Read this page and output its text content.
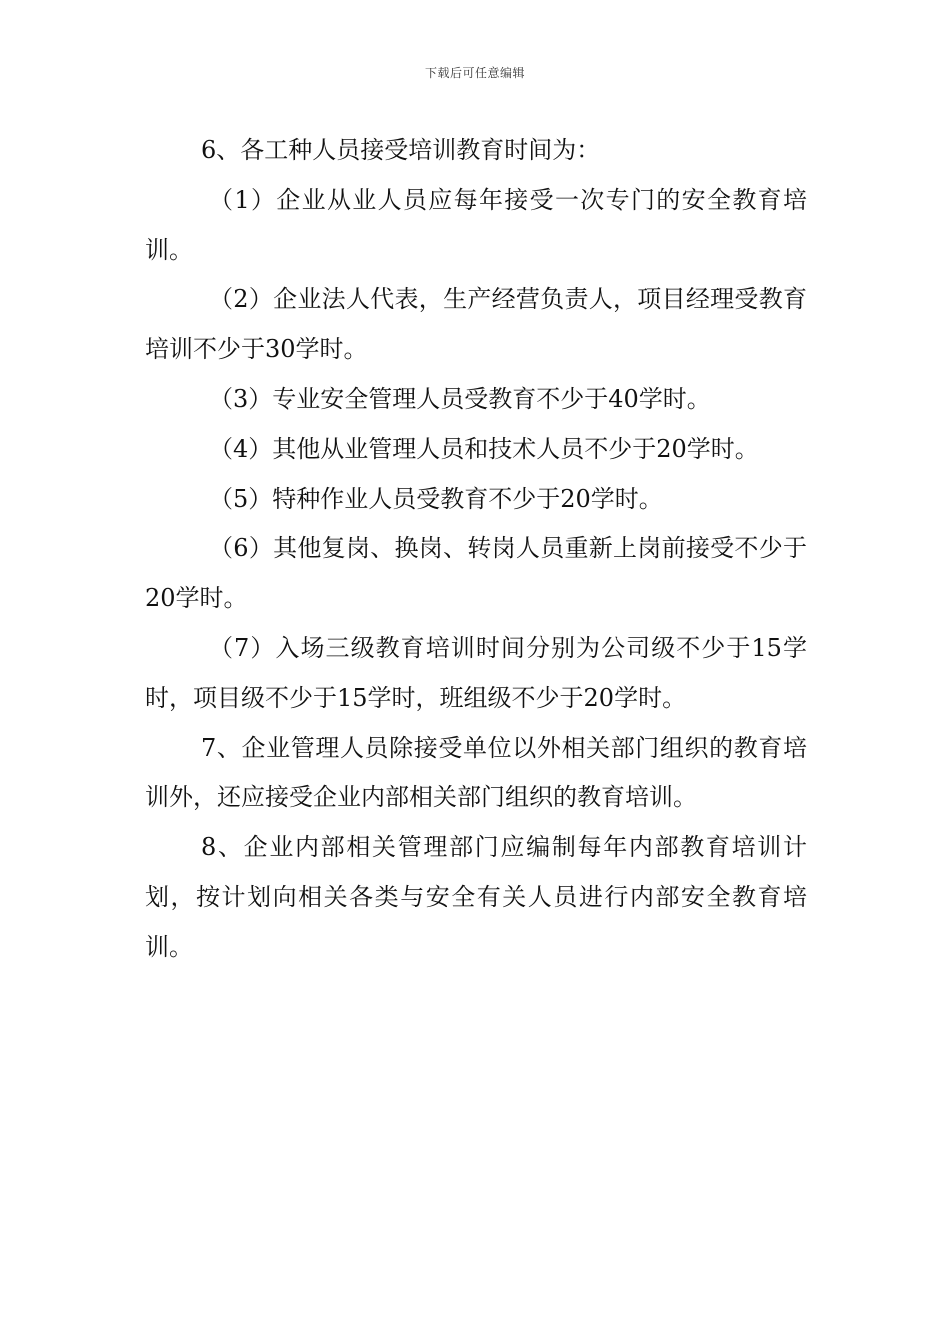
下载后可任意编辑

6、各工种人员接受培训教育时间为：

（1）企业从业人员应每年接受一次专门的安全教育培训。

（2）企业法人代表，生产经营负责人，项目经理受教育培训不少于30学时。

（3）专业安全管理人员受教育不少于40学时。

（4）其他从业管理人员和技术人员不少于20学时。

（5）特种作业人员受教育不少于20学时。

（6）其他复岗、换岗、转岗人员重新上岗前接受不少于20学时。

（7）入场三级教育培训时间分别为公司级不少于15学时，项目级不少于15学时，班组级不少于20学时。

7、企业管理人员除接受单位以外相关部门组织的教育培训外，还应接受企业内部相关部门组织的教育培训。

8、企业内部相关管理部门应编制每年内部教育培训计划，按计划向相关各类与安全有关人员进行内部安全教育培训。
